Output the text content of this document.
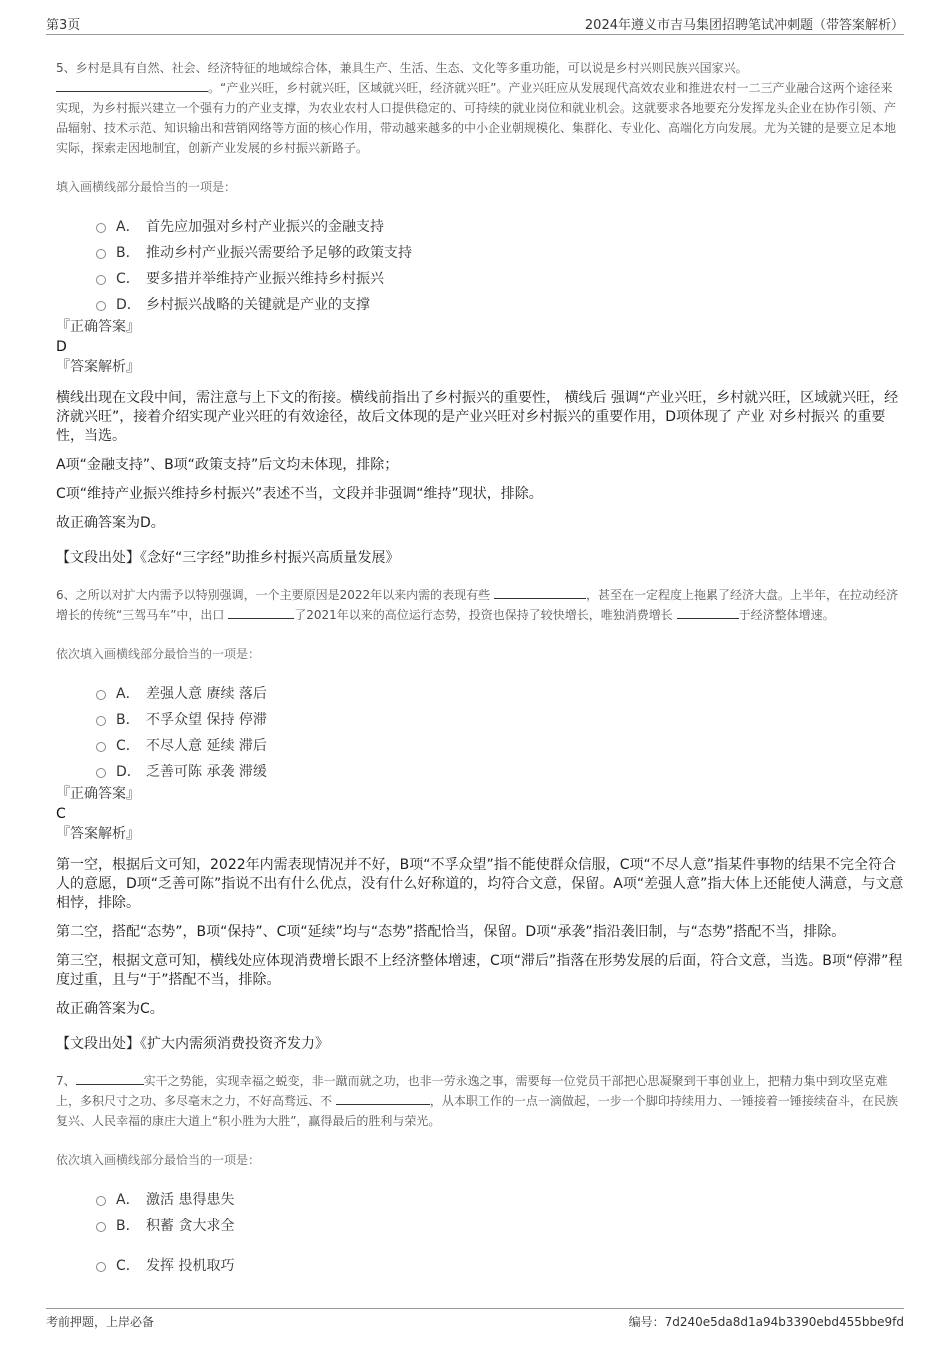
第3页	2024年遵义市吉马集团招聘笔试冲刺题（带答案解析）

5、乡村是具有自然、社会、经济特征的地域综合体，兼具生产、生活、生态、文化等多重功能，可以说是乡村兴则民族兴国家兴。
。“产业兴旺，乡村就兴旺，区域就兴旺，经济就兴旺”。产业兴旺应从发展现代高效农业和推进农村一二三产业融合这两个途径来实现，为乡村振兴建立一个强有力的产业支撑，为农业农村人口提供稳定的、可持续的就业岗位和就业机会。这就要求各地要充分发挥龙头企业在协作引领、产品辐射、技术示范、知识输出和营销网络等方面的核心作用，带动越来越多的中小企业朝规模化、集群化、专业化、高端化方向发展。尤为关键的是要立足本地实际，探索走因地制宜，创新产业发展的乡村振兴新路子。

填入画横线部分最恰当的一项是：

A． 首先应加强对乡村产业振兴的金融支持
B． 推动乡村产业振兴需要给予足够的政策支持
C． 要多措并举维持产业振兴维持乡村振兴
D． 乡村振兴战略的关键就是产业的支撑

『正确答案』

D

『答案解析』

横线出现在文段中间，需注意与上下文的衔接。横线前指出了乡村振兴的重要性， 横线后 强调“产业兴旺，乡村就兴旺，区域就兴旺，经济就兴旺”，接着介绍实现产业兴旺的有效途径，故后文体现的是产业兴旺对乡村振兴的重要作用，D项体现了 产业 对乡村振兴 的重要性，当选。

A项“金融支持”、B项“政策支持”后文均未体现，排除；

C项“维持产业振兴维持乡村振兴”表述不当，文段并非强调“维持”现状，排除。

故正确答案为D。

【文段出处】《念好“三字经”助推乡村振兴高质量发展》

6、之所以对扩大内需予以特别强调，一个主要原因是2022年以来内需的表现有些	，甚至在一定程度上拖累了经济大盘。上半年，在拉动经济增长的传统“三驾马车”中，出口	了2021年以来的高位运行态势，投资也保持了较快增长，唯独消费增长	于经济整体增速。

依次填入画横线部分最恰当的一项是：

A． 差强人意 赓续 落后
B． 不孚众望 保持 停滞
C． 不尽人意 延续 滞后
D． 乏善可陈 承袭 滞缓

『正确答案』

C

『答案解析』

第一空，根据后文可知，2022年内需表现情况并不好，B项“不孚众望”指不能使群众信服，C项“不尽人意”指某件事物的结果不完全符合人的意愿，D项“乏善可陈”指说不出有什么优点，没有什么好称道的，均符合文意，保留。A项“差强人意”指大体上还能使人满意，与文意相悖，排除。

第二空，搭配“态势”，B项“保持”、C项“延续”均与“态势”搭配恰当，保留。D项“承袭”指沿袭旧制，与“态势”搭配不当，排除。

第三空，根据文意可知，横线处应体现消费增长跟不上经济整体增速，C项“滞后”指落在形势发展的后面，符合文意，当选。B项“停滞”程度过重，且与“于”搭配不当，排除。

故正确答案为C。

【文段出处】《扩大内需须消费投资齐发力》

7、	实干之势能，实现幸福之蜕变，非一蹴而就之功，也非一劳永逸之事，需要每一位党员干部把心思凝聚到干事创业上，把精力集中到攻坚克难上，多积尺寸之功、多尽毫末之力，不好高骛远、不	，从本职工作的一点一滴做起，一步一个脚印持续用力、一锤接着一锤接续奋斗，在民族复兴、人民幸福的康庄大道上“积小胜为大胜”，赢得最后的胜利与荣光。

依次填入画横线部分最恰当的一项是：

A． 激活 患得患失
B． 积蓄 贪大求全
C． 发挥 投机取巧
考前押题，上岸必备	编号：7d240e5da8d1a94b3390ebd455bbe9fd
